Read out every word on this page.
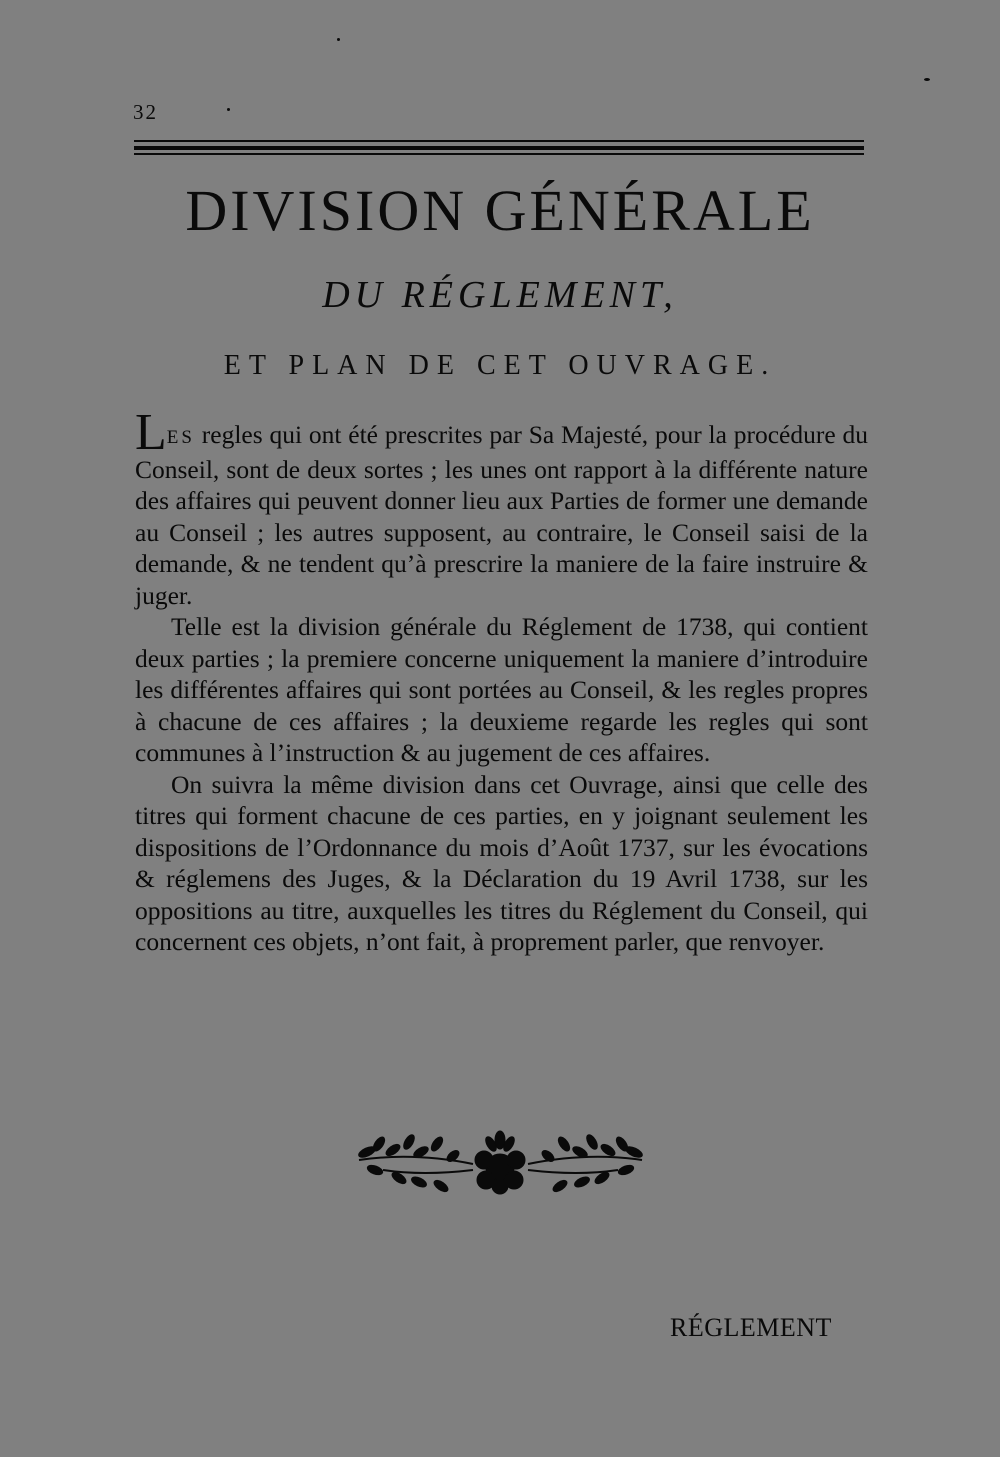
32
DIVISION GÉNÉRALE
DU RÉGLEMENT,
ET PLAN DE CET OUVRAGE.

LES regles qui ont été prescrites par Sa Majesté, pour la procédure du Conseil, sont de deux sortes ; les unes ont rapport à la différente nature des affaires qui peuvent donner lieu aux Parties de former une demande au Conseil ; les autres supposent, au contraire, le Conseil saisi de la demande, & ne tendent qu’à prescrire la maniere de la faire instruire & juger.

Telle est la division générale du Réglement de 1738, qui contient deux parties ; la premiere concerne uniquement la maniere d’introduire les différentes affaires qui sont portées au Conseil, & les regles propres à chacune de ces affaires ; la deuxieme regarde les regles qui sont communes à l’instruction & au jugement de ces affaires.

On suivra la même division dans cet Ouvrage, ainsi que celle des titres qui forment chacune de ces parties, en y joignant seulement les dispositions de l’Ordonnance du mois d’Août 1737, sur les évocations & réglemens des Juges, & la Déclaration du 19 Avril 1738, sur les oppositions au titre, auxquelles les titres du Réglement du Conseil, qui concernent ces objets, n’ont fait, à proprement parler, que renvoyer.

RÉGLEMENT
